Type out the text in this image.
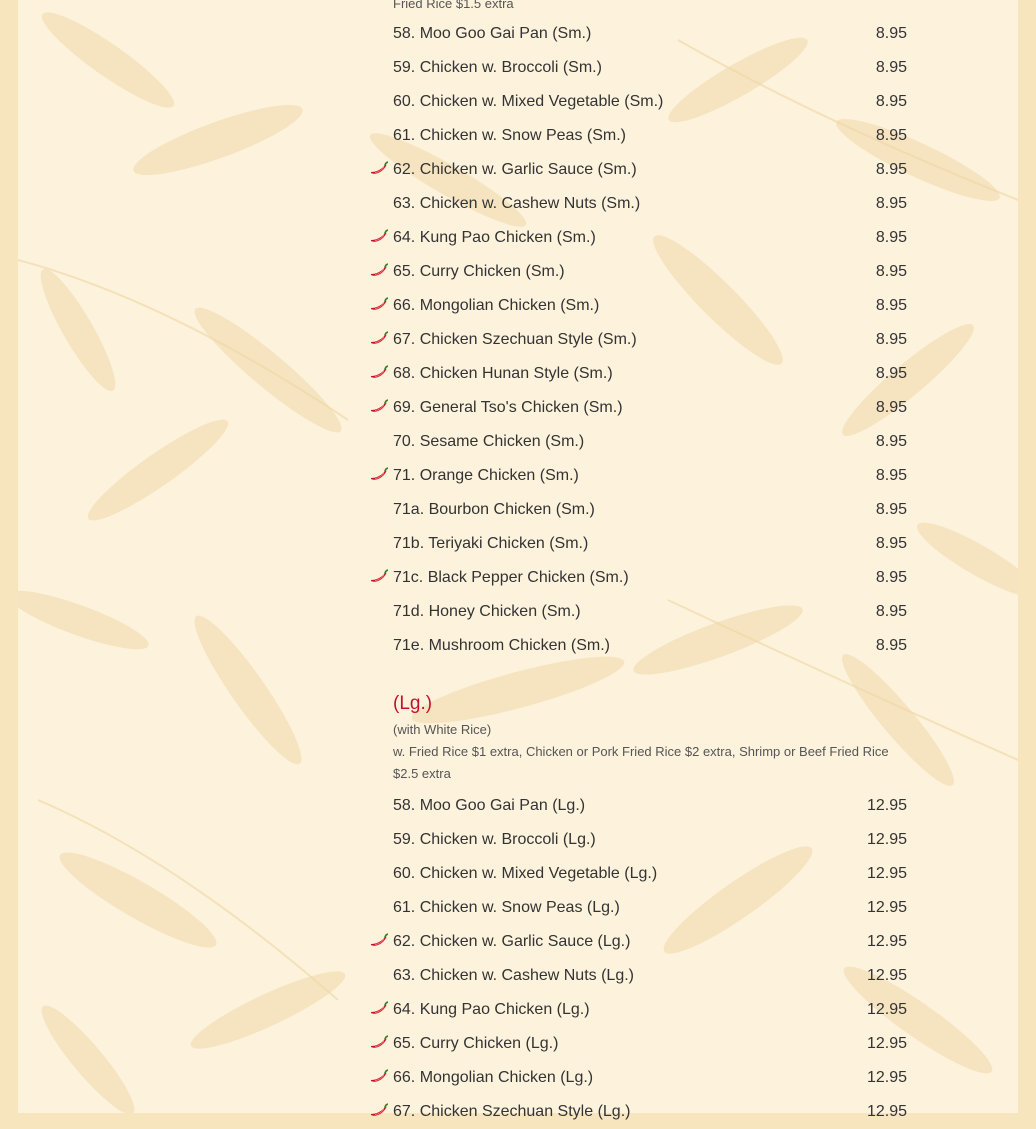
Fried Rice $1.5 extra
58. Moo Goo Gai Pan (Sm.)	8.95
59. Chicken w. Broccoli (Sm.)	8.95
60. Chicken w. Mixed Vegetable (Sm.)	8.95
61. Chicken w. Snow Peas (Sm.)	8.95
62. Chicken w. Garlic Sauce (Sm.)	8.95
63. Chicken w. Cashew Nuts (Sm.)	8.95
64. Kung Pao Chicken (Sm.)	8.95
65. Curry Chicken (Sm.)	8.95
66. Mongolian Chicken (Sm.)	8.95
67. Chicken Szechuan Style (Sm.)	8.95
68. Chicken Hunan Style (Sm.)	8.95
69. General Tso's Chicken (Sm.)	8.95
70. Sesame Chicken (Sm.)	8.95
71. Orange Chicken (Sm.)	8.95
71a. Bourbon Chicken (Sm.)	8.95
71b. Teriyaki Chicken (Sm.)	8.95
71c. Black Pepper Chicken (Sm.)	8.95
71d. Honey Chicken (Sm.)	8.95
71e. Mushroom Chicken (Sm.)	8.95
(Lg.)
(with White Rice)
w. Fried Rice $1 extra, Chicken or Pork Fried Rice $2 extra, Shrimp or Beef Fried Rice $2.5 extra
58. Moo Goo Gai Pan (Lg.)	12.95
59. Chicken w. Broccoli (Lg.)	12.95
60. Chicken w. Mixed Vegetable (Lg.)	12.95
61. Chicken w. Snow Peas (Lg.)	12.95
62. Chicken w. Garlic Sauce (Lg.)	12.95
63. Chicken w. Cashew Nuts (Lg.)	12.95
64. Kung Pao Chicken (Lg.)	12.95
65. Curry Chicken (Lg.)	12.95
66. Mongolian Chicken (Lg.)	12.95
67. Chicken Szechuan Style (Lg.)	12.95
